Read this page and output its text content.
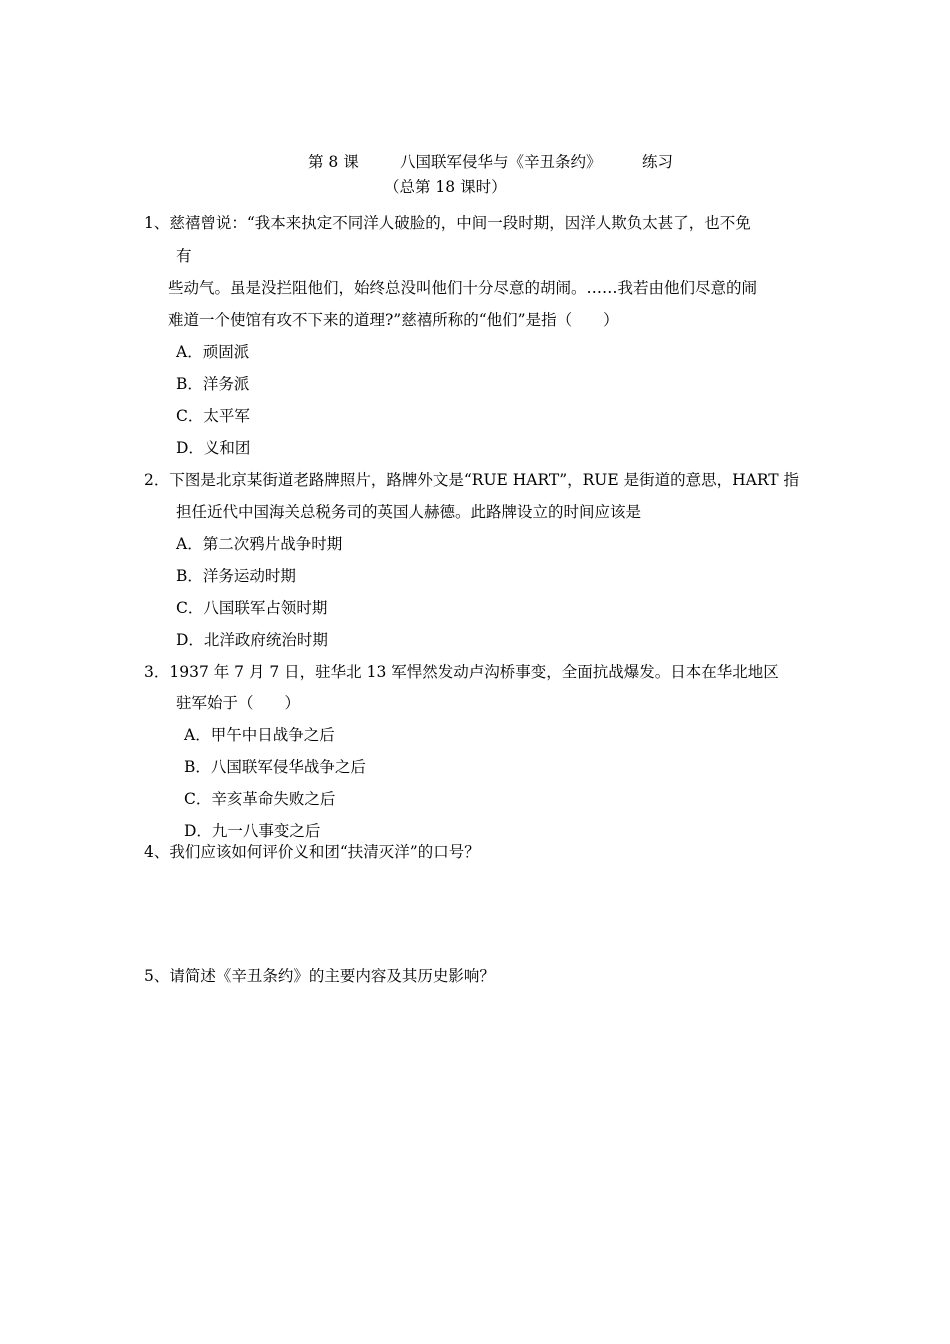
第 8 课	八国联军侵华与《辛丑条约》	练习
（总第 18 课时）
1、慈禧曾说：“我本来执定不同洋人破脸的，中间一段时期，因洋人欺负太甚了，也不免
有
些动气。虽是没拦阻他们，始终总没叫他们十分尽意的胡闹。……我若由他们尽意的闹
难道一个使馆有攻不下来的道理?”慈禧所称的“他们”是指（　　）
A．顽固派
B．洋务派
C．太平军
D．义和团
2．下图是北京某街道老路牌照片，路牌外文是“RUE HART”，RUE 是街道的意思，HART 指
担任近代中国海关总税务司的英国人赫德。此路牌设立的时间应该是
A．第二次鸦片战争时期
B．洋务运动时期
C．八国联军占领时期
D．北洋政府统治时期
3．1937 年 7 月 7 日，驻华北 13 军悍然发动卢沟桥事变，全面抗战爆发。日本在华北地区
驻军始于（　　）
A．甲午中日战争之后
B．八国联军侵华战争之后
C．辛亥革命失败之后
D．九一八事变之后
4、我们应该如何评价义和团“扶清灭洋”的口号？
5、请简述《辛丑条约》的主要内容及其历史影响？
